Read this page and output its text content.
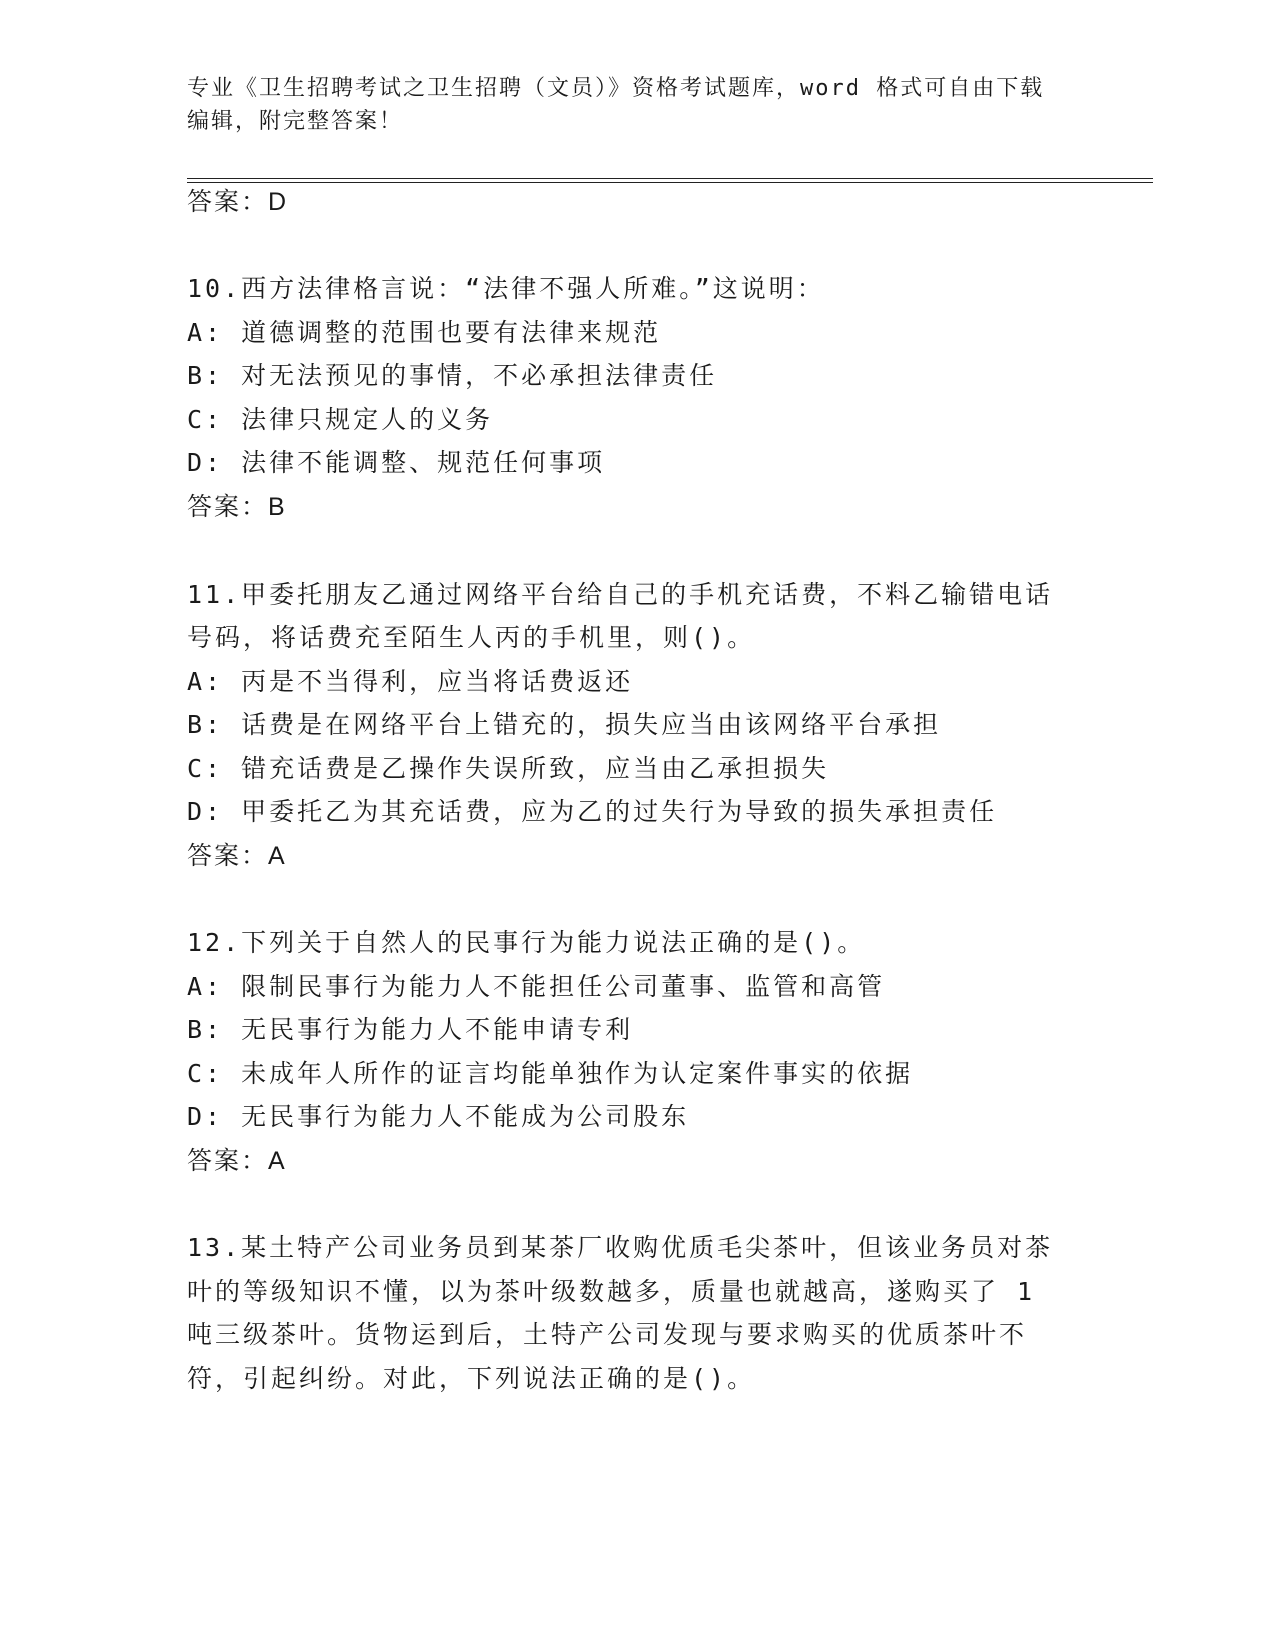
专业《卫生招聘考试之卫生招聘（文员）》资格考试题库，word 格式可自由下载
编辑，附完整答案！
答案：D
10.西方法律格言说：“法律不强人所难。”这说明：
A: 道德调整的范围也要有法律来规范
B: 对无法预见的事情，不必承担法律责任
C: 法律只规定人的义务
D: 法律不能调整、规范任何事项
答案：B
11.甲委托朋友乙通过网络平台给自己的手机充话费，不料乙输错电话
号码，将话费充至陌生人丙的手机里，则()。
A: 丙是不当得利，应当将话费返还
B: 话费是在网络平台上错充的，损失应当由该网络平台承担
C: 错充话费是乙操作失误所致，应当由乙承担损失
D: 甲委托乙为其充话费，应为乙的过失行为导致的损失承担责任
答案：A
12.下列关于自然人的民事行为能力说法正确的是()。
A: 限制民事行为能力人不能担任公司董事、监管和高管
B: 无民事行为能力人不能申请专利
C: 未成年人所作的证言均能单独作为认定案件事实的依据
D: 无民事行为能力人不能成为公司股东
答案：A
13.某土特产公司业务员到某茶厂收购优质毛尖茶叶，但该业务员对茶
叶的等级知识不懂，以为茶叶级数越多，质量也就越高，遂购买了 1
吨三级茶叶。货物运到后，土特产公司发现与要求购买的优质茶叶不
符，引起纠纷。对此，下列说法正确的是()。
